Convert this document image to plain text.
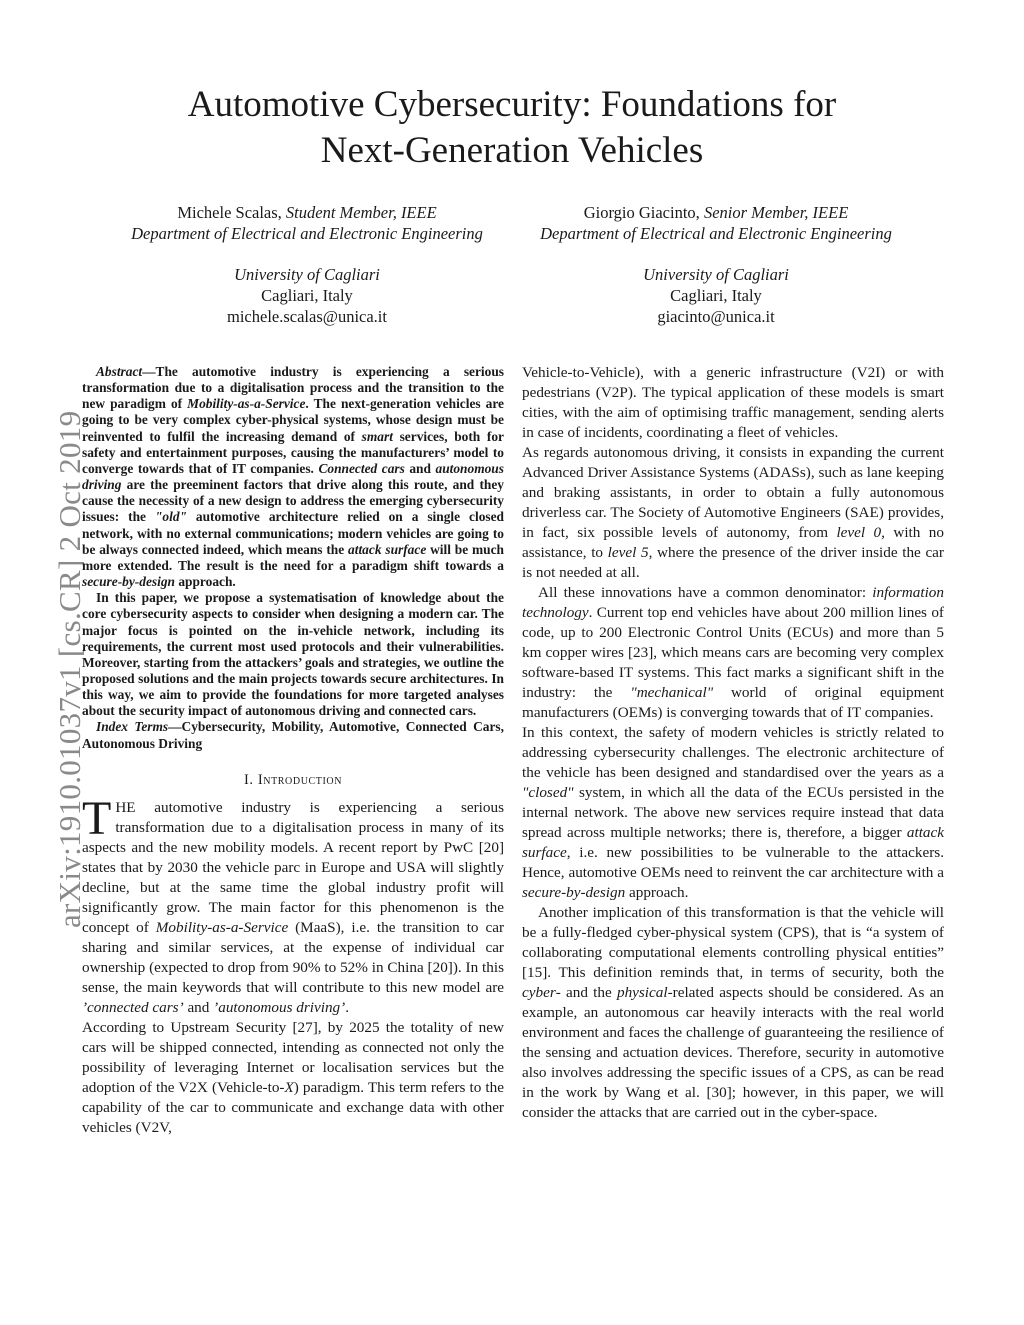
Automotive Cybersecurity: Foundations for
Next-Generation Vehicles
Michele Scalas, Student Member, IEEE
Department of Electrical and Electronic Engineering
University of Cagliari
Cagliari, Italy
michele.scalas@unica.it
Giorgio Giacinto, Senior Member, IEEE
Department of Electrical and Electronic Engineering
University of Cagliari
Cagliari, Italy
giacinto@unica.it
arXiv:1910.01037v1 [cs.CR] 2 Oct 2019

Abstract—The automotive industry is experiencing a serious transformation due to a digitalisation process and the transition to the new paradigm of Mobility-as-a-Service. The next-generation vehicles are going to be very complex cyber-physical systems, whose design must be reinvented to fulfil the increasing demand of smart services, both for safety and entertainment purposes, causing the manufacturers’ model to converge towards that of IT companies. Connected cars and autonomous driving are the preeminent factors that drive along this route, and they cause the necessity of a new design to address the emerging cybersecurity issues: the "old" automotive architecture relied on a single closed network, with no external communications; modern vehicles are going to be always connected indeed, which means the attack surface will be much more extended. The result is the need for a paradigm shift towards a secure-by-design approach.

In this paper, we propose a systematisation of knowledge about the core cybersecurity aspects to consider when designing a modern car. The major focus is pointed on the in-vehicle network, including its requirements, the current most used protocols and their vulnerabilities. Moreover, starting from the attackers’ goals and strategies, we outline the proposed solutions and the main projects towards secure architectures. In this way, we aim to provide the foundations for more targeted analyses about the security impact of autonomous driving and connected cars.

Index Terms—Cybersecurity, Mobility, Automotive, Connected Cars, Autonomous Driving

I. Introduction

THE automotive industry is experiencing a serious transformation due to a digitalisation process in many of its aspects and the new mobility models. A recent report by PwC [20] states that by 2030 the vehicle parc in Europe and USA will slightly decline, but at the same time the global industry profit will significantly grow. The main factor for this phenomenon is the concept of Mobility-as-a-Service (MaaS), i.e. the transition to car sharing and similar services, at the expense of individual car ownership (expected to drop from 90% to 52% in China [20]). In this sense, the main keywords that will contribute to this new model are ’connected cars’ and ’autonomous driving’.

According to Upstream Security [27], by 2025 the totality of new cars will be shipped connected, intending as connected not only the possibility of leveraging Internet or localisation services but the adoption of the V2X (Vehicle-to-X) paradigm. This term refers to the capability of the car to communicate and exchange data with other vehicles (V2V,

Vehicle-to-Vehicle), with a generic infrastructure (V2I) or with pedestrians (V2P). The typical application of these models is smart cities, with the aim of optimising traffic management, sending alerts in case of incidents, coordinating a fleet of vehicles.

As regards autonomous driving, it consists in expanding the current Advanced Driver Assistance Systems (ADASs), such as lane keeping and braking assistants, in order to obtain a fully autonomous driverless car. The Society of Automotive Engineers (SAE) provides, in fact, six possible levels of autonomy, from level 0, with no assistance, to level 5, where the presence of the driver inside the car is not needed at all.

All these innovations have a common denominator: information technology. Current top end vehicles have about 200 million lines of code, up to 200 Electronic Control Units (ECUs) and more than 5 km copper wires [23], which means cars are becoming very complex software-based IT systems. This fact marks a significant shift in the industry: the "mechanical" world of original equipment manufacturers (OEMs) is converging towards that of IT companies.

In this context, the safety of modern vehicles is strictly related to addressing cybersecurity challenges. The electronic architecture of the vehicle has been designed and standardised over the years as a "closed" system, in which all the data of the ECUs persisted in the internal network. The above new services require instead that data spread across multiple networks; there is, therefore, a bigger attack surface, i.e. new possibilities to be vulnerable to the attackers. Hence, automotive OEMs need to reinvent the car architecture with a secure-by-design approach.

Another implication of this transformation is that the vehicle will be a fully-fledged cyber-physical system (CPS), that is “a system of collaborating computational elements controlling physical entities” [15]. This definition reminds that, in terms of security, both the cyber- and the physical-related aspects should be considered. As an example, an autonomous car heavily interacts with the real world environment and faces the challenge of guaranteeing the resilience of the sensing and actuation devices. Therefore, security in automotive also involves addressing the specific issues of a CPS, as can be read in the work by Wang et al. [30]; however, in this paper, we will consider the attacks that are carried out in the cyber-space.
